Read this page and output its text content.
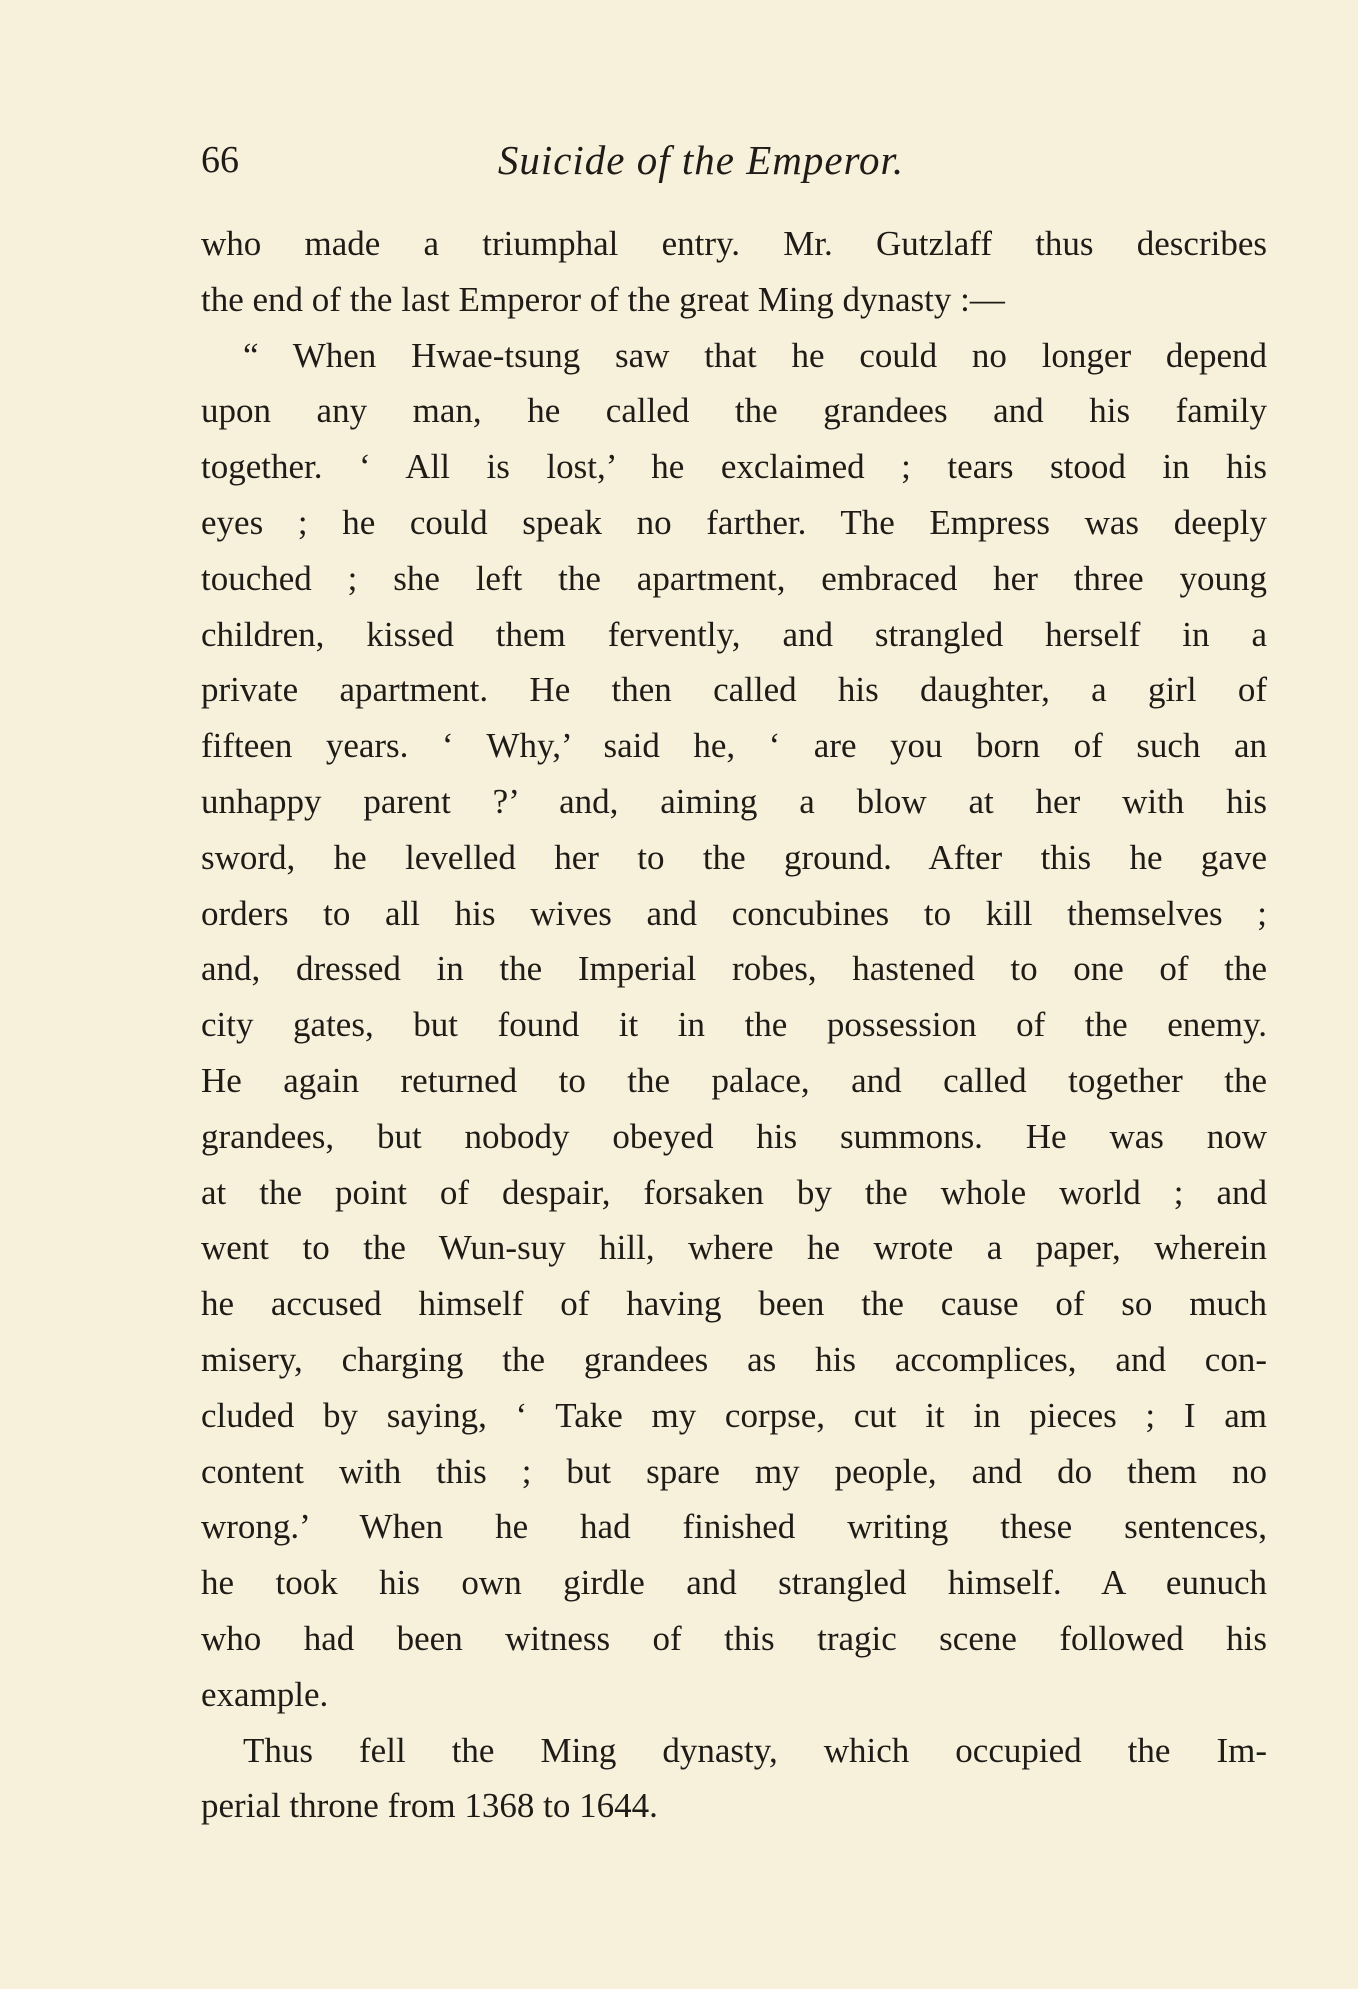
66	Suicide of the Emperor.
who made a triumphal entry. Mr. Gutzlaff thus describes
the end of the last Emperor of the great Ming dynasty :—
“ When Hwae-tsung saw that he could no longer depend
upon any man, he called the grandees and his family
together. ‘ All is lost,’ he exclaimed ; tears stood in his
eyes ; he could speak no farther. The Empress was deeply
touched ; she left the apartment, embraced her three young
children, kissed them fervently, and strangled herself in a
private apartment. He then called his daughter, a girl of
fifteen years. ‘ Why,’ said he, ‘ are you born of such an
unhappy parent ?’ and, aiming a blow at her with his
sword, he levelled her to the ground. After this he gave
orders to all his wives and concubines to kill themselves ;
and, dressed in the Imperial robes, hastened to one of the
city gates, but found it in the possession of the enemy.
He again returned to the palace, and called together the
grandees, but nobody obeyed his summons. He was now
at the point of despair, forsaken by the whole world ; and
went to the Wun-suy hill, where he wrote a paper, wherein
he accused himself of having been the cause of so much
misery, charging the grandees as his accomplices, and con-
cluded by saying, ‘ Take my corpse, cut it in pieces ; I am
content with this ; but spare my people, and do them no
wrong.’ When he had finished writing these sentences,
he took his own girdle and strangled himself. A eunuch
who had been witness of this tragic scene followed his
example.
Thus fell the Ming dynasty, which occupied the Im-
perial throne from 1368 to 1644.
